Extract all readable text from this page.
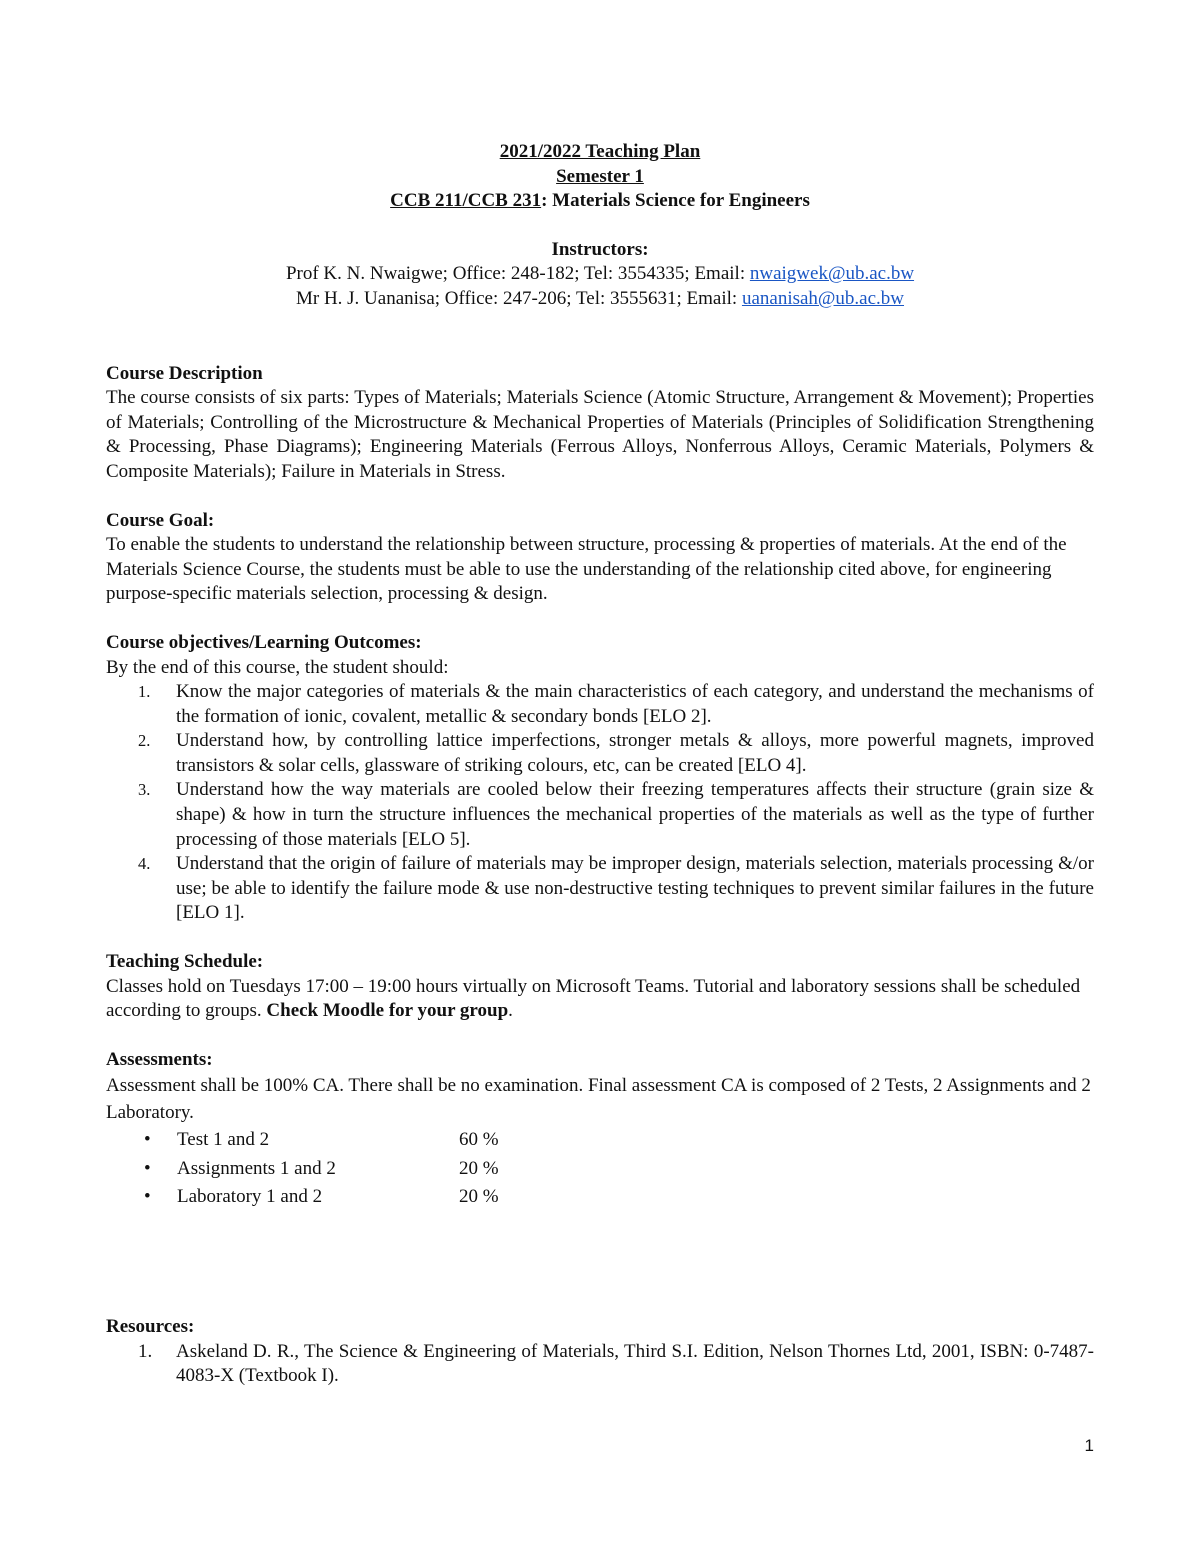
2021/2022 Teaching Plan

Semester 1

CCB 211/CCB 231: Materials Science for Engineers

Instructors:

Prof K. N. Nwaigwe; Office: 248-182; Tel: 3554335; Email: nwaigwek@ub.ac.bw

Mr H. J. Uananisa; Office: 247-206; Tel: 3555631; Email: uananisah@ub.ac.bw

Course Description

The course consists of six parts: Types of Materials; Materials Science (Atomic Structure, Arrangement & Movement); Properties of Materials; Controlling of the Microstructure & Mechanical Properties of Materials (Principles of Solidification Strengthening & Processing, Phase Diagrams); Engineering Materials (Ferrous Alloys, Nonferrous Alloys, Ceramic Materials, Polymers & Composite Materials); Failure in Materials in Stress.

Course Goal:

To enable the students to understand the relationship between structure, processing & properties of materials. At the end of the Materials Science Course, the students must be able to use the understanding of the relationship cited above, for engineering purpose-specific materials selection, processing & design.

Course objectives/Learning Outcomes:

By the end of this course, the student should:

1. Know the major categories of materials & the main characteristics of each category, and understand the mechanisms of the formation of ionic, covalent, metallic & secondary bonds [ELO 2].
2. Understand how, by controlling lattice imperfections, stronger metals & alloys, more powerful magnets, improved transistors & solar cells, glassware of striking colours, etc, can be created [ELO 4].
3. Understand how the way materials are cooled below their freezing temperatures affects their structure (grain size & shape) & how in turn the structure influences the mechanical properties of the materials as well as the type of further processing of those materials [ELO 5].
4. Understand that the origin of failure of materials may be improper design, materials selection, materials processing &/or use; be able to identify the failure mode & use non-destructive testing techniques to prevent similar failures in the future [ELO 1].

Teaching Schedule:

Classes hold on Tuesdays 17:00 – 19:00 hours virtually on Microsoft Teams. Tutorial and laboratory sessions shall be scheduled according to groups. Check Moodle for your group.

Assessments:

Assessment shall be 100% CA. There shall be no examination. Final assessment CA is composed of 2 Tests, 2 Assignments and 2 Laboratory.

• Test 1 and 2	60 %
• Assignments 1 and 2	20 %
• Laboratory 1 and 2	20 %

Resources:

1. Askeland D. R., The Science & Engineering of Materials, Third S.I. Edition, Nelson Thornes Ltd, 2001, ISBN: 0-7487-4083-X (Textbook I).
1
